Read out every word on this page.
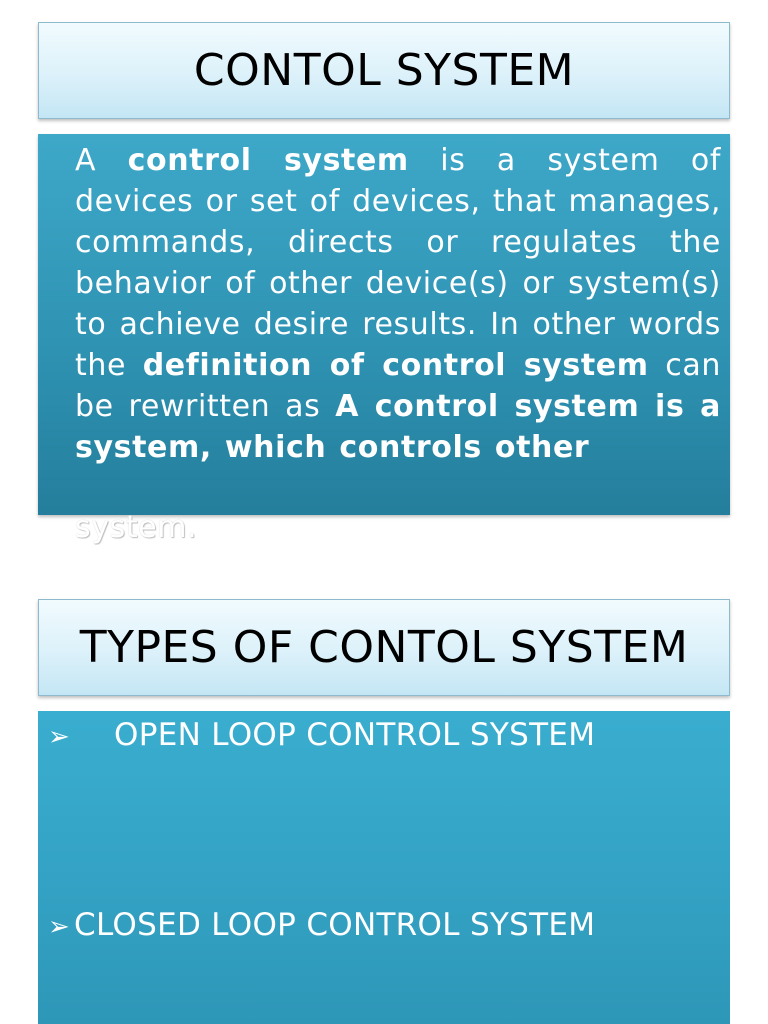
CONTOL SYSTEM

A control system is a system of devices or set of devices, that manages, commands, directs or regulates the behavior of other device(s) or system(s) to achieve desire results. In other words the definition of control system can be rewritten as A control system is a system, which controls other

system.
TYPES OF CONTOL SYSTEM
➢	OPEN LOOP CONTROL SYSTEM
➢ CLOSED LOOP CONTROL SYSTEM
